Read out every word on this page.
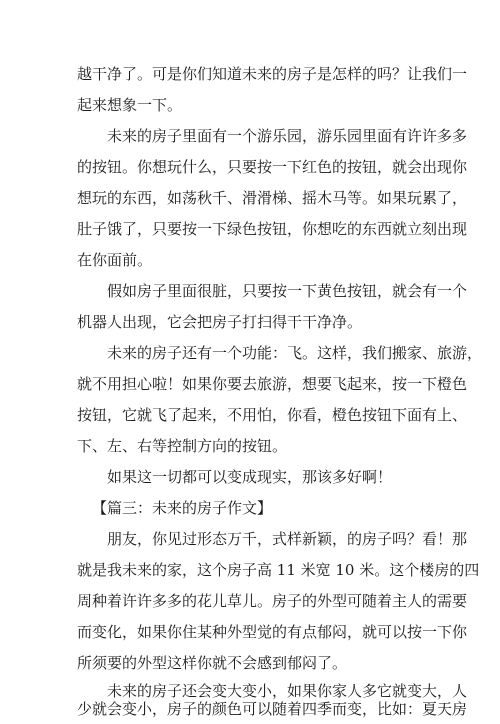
越干净了。可是你们知道未来的房子是怎样的吗？让我们一
起来想象一下。
未来的房子里面有一个游乐园，游乐园里面有许许多多
的按钮。你想玩什么，只要按一下红色的按钮，就会出现你
想玩的东西，如荡秋千、滑滑梯、摇木马等。如果玩累了，
肚子饿了，只要按一下绿色按钮，你想吃的东西就立刻出现
在你面前。
假如房子里面很脏，只要按一下黄色按钮，就会有一个
机器人出现，它会把房子打扫得干干净净。
未来的房子还有一个功能：飞。这样，我们搬家、旅游，
就不用担心啦！如果你要去旅游，想要飞起来，按一下橙色
按钮，它就飞了起来，不用怕，你看，橙色按钮下面有上、
下、左、右等控制方向的按钮。
如果这一切都可以变成现实，那该多好啊！
【篇三：未来的房子作文】
朋友，你见过形态万千，式样新颖，的房子吗？看！那
就是我未来的家，这个房子高 11 米宽 10 米。这个楼房的四
周种着许许多多的花儿草儿。房子的外型可随着主人的需要
而变化，如果你住某种外型觉的有点郁闷，就可以按一下你
所须要的外型这样你就不会感到郁闷了。
未来的房子还会变大变小，如果你家人多它就变大，人
少就会变小，房子的颜色可以随着四季而变，比如：夏天房
